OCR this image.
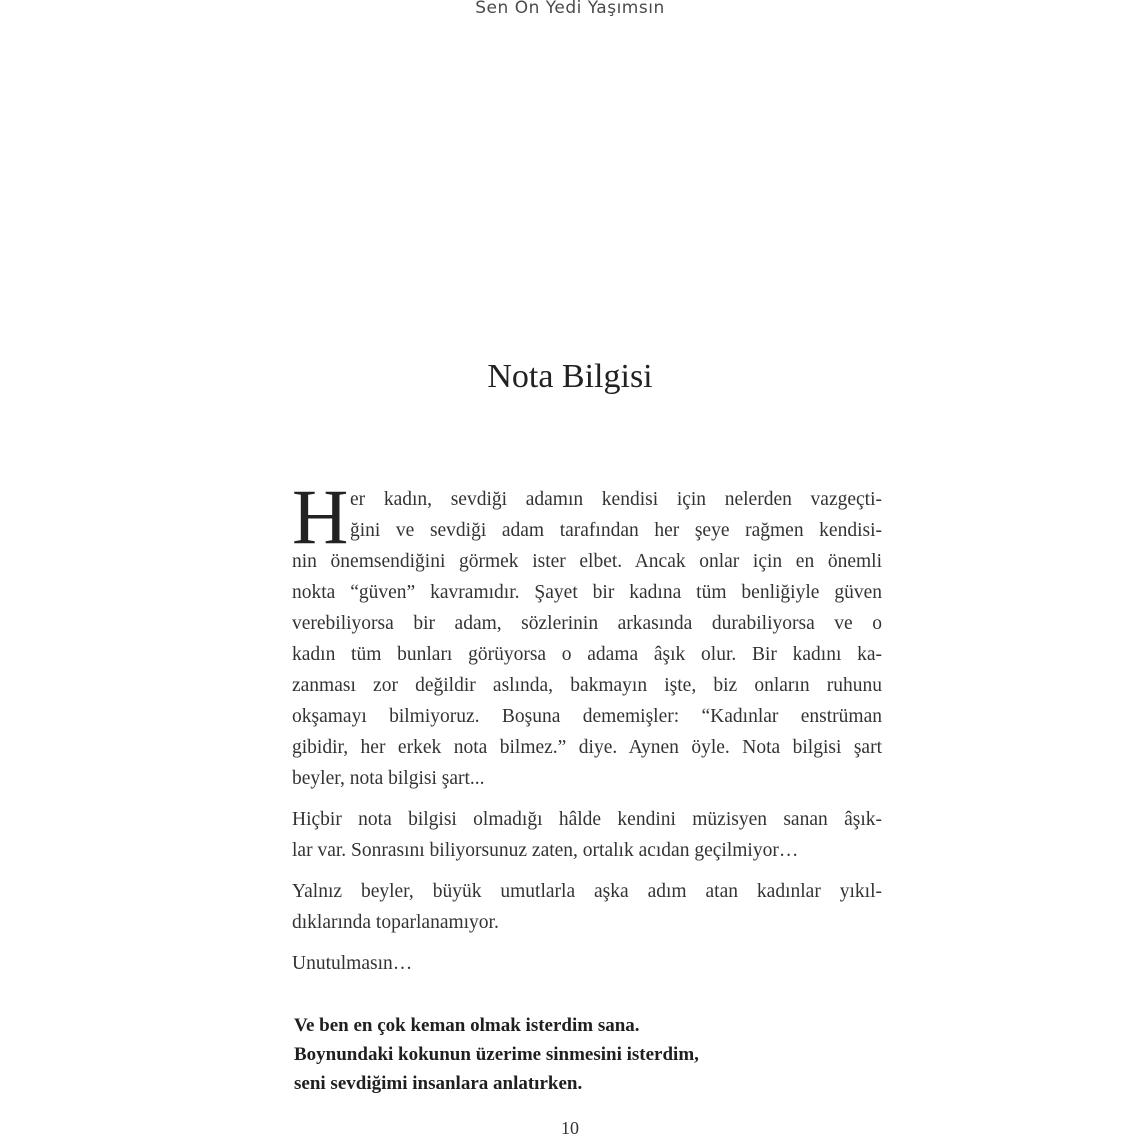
Sen On Yedi Yaşımsın
Nota Bilgisi
H er kadın, sevdiği adamın kendisi için nelerden vazgeçti-
ğini ve sevdiği adam tarafından her şeye rağmen kendisi-
nin önemsendiğini görmek ister elbet. Ancak onlar için en önemli
nokta “güven” kavramıdır. Şayet bir kadına tüm benliğiyle güven
verebiliyorsa bir adam, sözlerinin arkasında durabiliyorsa ve o
kadın tüm bunları görüyorsa o adama âşık olur. Bir kadını ka-
zanması zor değildir aslında, bakmayın işte, biz onların ruhunu
okşamayı bilmiyoruz. Boşuna dememişler: “Kadınlar enstrüman
gibidir, her erkek nota bilmez.” diye. Aynen öyle. Nota bilgisi şart
beyler, nota bilgisi şart...
Hiçbir nota bilgisi olmadığı hâlde kendini müzisyen sanan âşık-
lar var. Sonrasını biliyorsunuz zaten, ortalık acıdan geçilmiyor…
Yalnız beyler, büyük umutlarla aşka adım atan kadınlar yıkıl-
dıklarında toparlanamıyor.
Unutulmasın…
Ve ben en çok keman olmak isterdim sana.
Boynundaki kokunun üzerime sinmesini isterdim,
seni sevdiğimi insanlara anlatırken.
10
